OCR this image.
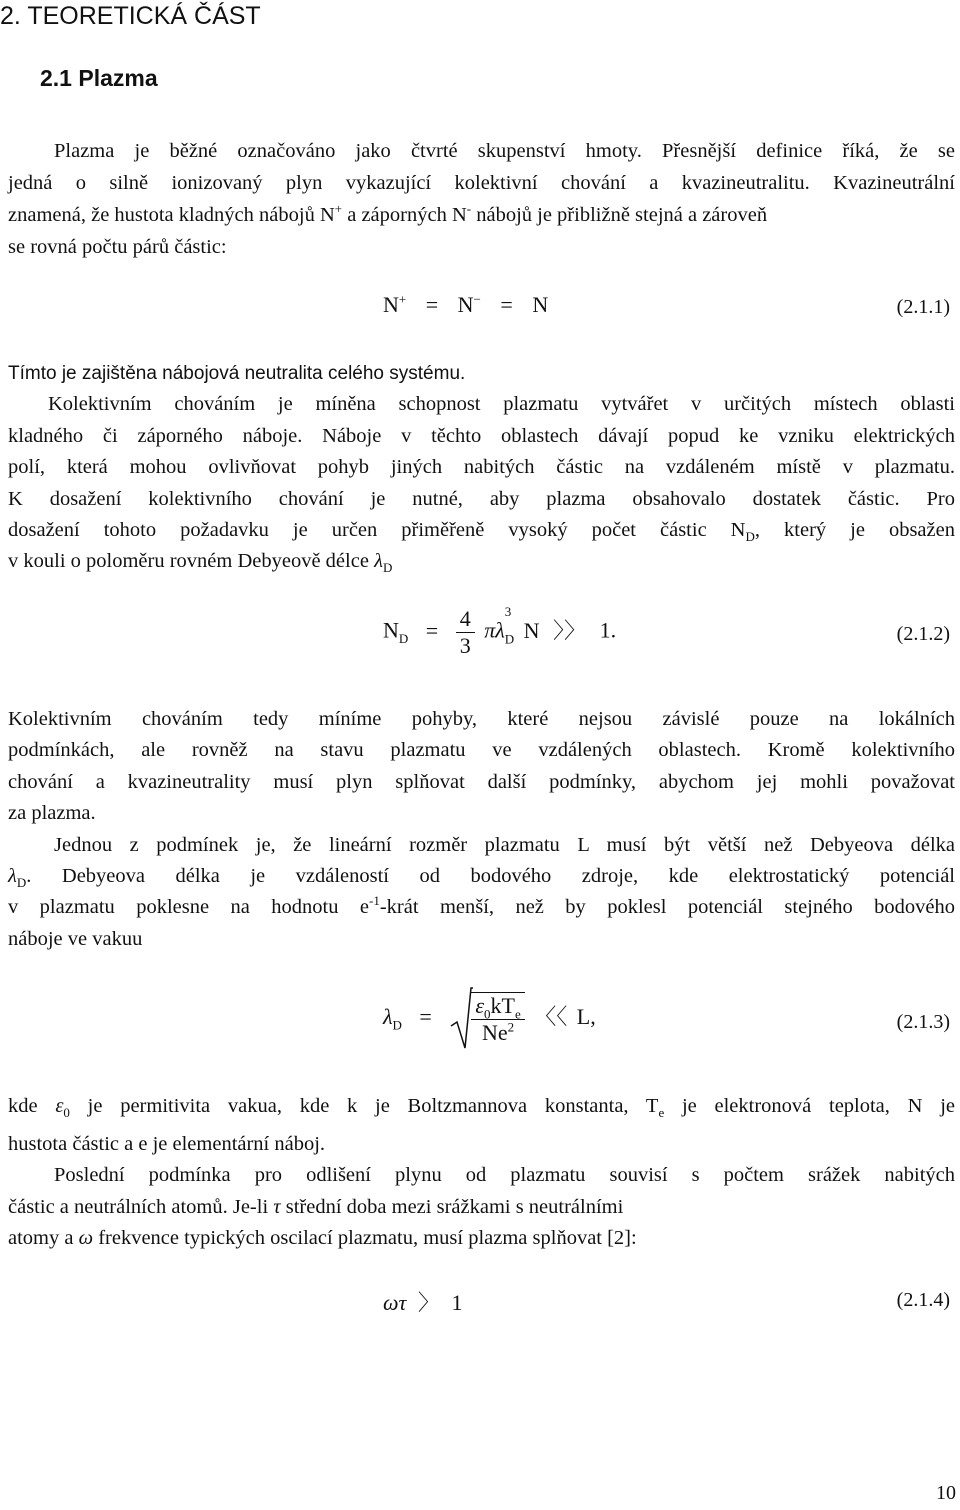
2. TEORETICKÁ ČÁST
2.1 Plazma
Plazma je běžné označováno jako čtvrté skupenství hmoty. Přesnější definice říká, že se
jedná o silně ionizovaný plyn vykazující kolektivní chování a kvazineutralitu. Kvazineutrální
znamená, že hustota kladných nábojů N+ a záporných N- nábojů je přibližně stejná a zároveň
se rovná počtu párů částic:
N+ = N− = N	(2.1.1)
Tímto je zajištěna nábojová neutralita celého systému.
Kolektivním chováním je míněna schopnost plazmatu vytvářet v určitých místech oblasti
kladného či záporného náboje. Náboje v těchto oblastech dávají popud ke vzniku elektrických
polí, která mohou ovlivňovat pohyb jiných nabitých částic na vzdáleném místě v plazmatu.
K dosažení kolektivního chování je nutné, aby plazma obsahovalo dostatek částic. Pro
dosažení tohoto požadavku je určen přiměřeně vysoký počet částic $N_D$, který je obsažen
v kouli o poloměru rovném Debyeově délce $\lambda_D$
$N_D = \frac{4}{3}$ πλ
3
$_D$ N 〉〉 1.	(2.1.2)
Kolektivním chováním tedy míníme pohyby, které nejsou závislé pouze na lokálních
podmínkách, ale rovněž na stavu plazmatu ve vzdálených oblastech. Kromě kolektivního
chování a kvazineutrality musí plyn splňovat další podmínky, abychom jej mohli považovat
za plazma.
Jednou z podmínek je, že lineární rozměr plazmatu L musí být větší než Debyeova délka
$\lambda_D$. Debyeova délka je vzdáleností od bodového zdroje, kde elektrostatický potenciál
v plazmatu poklesne na hodnotu $e^{-1}$-krát menší, než by poklesl potenciál stejného bodového
náboje ve vakuu
$\lambda_D = \frac{\varepsilon_0kT_e}{Ne^2}$ 〈〈 L,	(2.1.3)
kde $\varepsilon_0$ je permitivita vakua, kde k je Boltzmannova konstanta, $T_e$ je elektronová teplota, N je
hustota částic a e je elementární náboj.
Poslední podmínka pro odlišení plynu od plazmatu souvisí s počtem srážek nabitých
částic a neutrálních atomů. Je-li τ střední doba mezi srážkami s neutrálními
atomy a ω frekvence typických oscilací plazmatu, musí plazma splňovat [2]:
ωτ 〉 1	(2.1.4)
10
